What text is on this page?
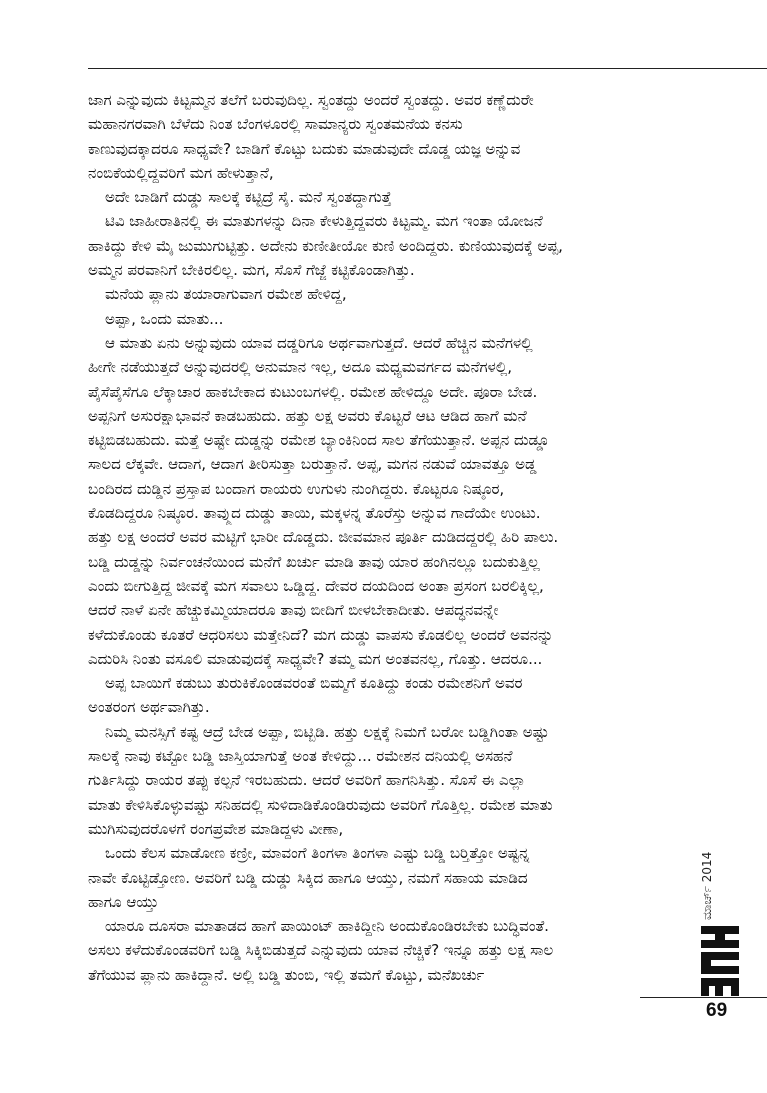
ಜಾಗ ಎನ್ನುವುದು ಕಿಟ್ಟಮ್ಮನ ತಲೆಗೆ ಬರುವುದಿಲ್ಲ. ಸ್ವಂತದ್ದು ಅಂದರೆ ಸ್ವಂತದ್ದು. ಅವರ ಕಣ್ಣೆದುರೇ
ಮಹಾನಗರವಾಗಿ ಬೆಳೆದು ನಿಂತ ಬೆಂಗಳೂರಲ್ಲಿ ಸಾಮಾನ್ಯರು ಸ್ವಂತಮನೆಯ ಕನಸು
ಕಾಣುವುದಕ್ಕಾದರೂ ಸಾಧ್ಯವೇ? ಬಾಡಿಗೆ ಕೊಟ್ಟು ಬದುಕು ಮಾಡುವುದೇ ದೊಡ್ಡ ಯಜ್ಞ ಅನ್ನುವ
ನಂಬಿಕೆಯಲ್ಲಿದ್ದವರಿಗೆ ಮಗ ಹೇಳುತ್ತಾನೆ,
ಅದೇ ಬಾಡಿಗೆ ದುಡ್ಡು ಸಾಲಕ್ಕೆ ಕಟ್ಟಿದ್ರೆ ಸೈ. ಮನೆ ಸ್ವಂತದ್ದಾಗುತ್ತೆ
ಟಿವಿ ಜಾಹೀರಾತಿನಲ್ಲಿ ಈ ಮಾತುಗಳನ್ನು ದಿನಾ ಕೇಳುತ್ತಿದ್ದವರು ಕಿಟ್ಟಮ್ಮ. ಮಗ ಇಂತಾ ಯೋಜನೆ
ಹಾಕಿದ್ದು ಕೇಳಿ ಮೈ ಜುಮುಗುಟ್ಟಿತ್ತು. ಅದೇನು ಕುಣೀತೀಯೋ ಕುಣಿ ಅಂದಿದ್ದರು. ಕುಣಿಯುವುದಕ್ಕೆ ಅಪ್ಪ,
ಅಮ್ಮನ ಪರವಾನಿಗೆ ಬೇಕಿರಲಿಲ್ಲ. ಮಗ, ಸೊಸೆ ಗೆಜ್ಜೆ ಕಟ್ಟಿಕೊಂಡಾಗಿತ್ತು.
ಮನೆಯ ಪ್ಲಾನು ತಯಾರಾಗುವಾಗ ರಮೇಶ ಹೇಳಿದ್ದ,
ಅಪ್ಪಾ, ಒಂದು ಮಾತು...
ಆ ಮಾತು ಏನು ಅನ್ನುವುದು ಯಾವ ದಡ್ಡರಿಗೂ ಅರ್ಥವಾಗುತ್ತದೆ. ಆದರೆ ಹೆಚ್ಚಿನ ಮನೆಗಳಲ್ಲಿ
ಹೀಗೇ ನಡೆಯುತ್ತದೆ ಅನ್ನುವುದರಲ್ಲಿ ಅನುಮಾನ ಇಲ್ಲ, ಅದೂ ಮಧ್ಯಮವರ್ಗದ ಮನೆಗಳಲ್ಲಿ,
ಪೈಸೆಪೈಸೆಗೂ ಲೆಕ್ಕಾಚಾರ ಹಾಕಬೇಕಾದ ಕುಟುಂಬಗಳಲ್ಲಿ. ರಮೇಶ ಹೇಳಿದ್ದೂ ಅದೇ. ಪೂರಾ ಬೇಡ.
ಅಪ್ಪನಿಗೆ ಅಸುರಕ್ಷಾಭಾವನೆ ಕಾಡಬಹುದು. ಹತ್ತು ಲಕ್ಷ ಅವರು ಕೊಟ್ಟರೆ ಆಟ ಆಡಿದ ಹಾಗೆ ಮನೆ
ಕಟ್ಟಿಬಿಡಬಹುದು. ಮತ್ತೆ ಅಷ್ಟೇ ದುಡ್ಡನ್ನು ರಮೇಶ ಬ್ಯಾಂಕಿನಿಂದ ಸಾಲ ತೆಗೆಯುತ್ತಾನೆ. ಅಪ್ಪನ ದುಡ್ಡೂ
ಸಾಲದ ಲೆಕ್ಕವೇ. ಆದಾಗ, ಆದಾಗ ತೀರಿಸುತ್ತಾ ಬರುತ್ತಾನೆ. ಅಪ್ಪ, ಮಗನ ನಡುವೆ ಯಾವತ್ತೂ ಅಡ್ಡ
ಬಂದಿರದ ದುಡ್ಡಿನ ಪ್ರಸ್ತಾಪ ಬಂದಾಗ ರಾಯರು ಉಗುಳು ನುಂಗಿದ್ದರು. ಕೊಟ್ಟರೂ ನಿಷ್ಠೂರ,
ಕೊಡದಿದ್ದರೂ ನಿಷ್ಠೂರ. ತಾವ್ಮುದ ದುಡ್ಡು ತಾಯಿ, ಮಕ್ಕಳನ್ನ ತೊರೆಸ್ತು ಅನ್ನುವ ಗಾದೆಯೇ ಉಂಟು.
ಹತ್ತು ಲಕ್ಷ ಅಂದರೆ ಅವರ ಮಟ್ಟಿಗೆ ಭಾರೀ ದೊಡ್ಡದು. ಜೀವಮಾನ ಪೂರ್ತಿ ದುಡಿದದ್ದರಲ್ಲಿ ಹಿರಿ ಪಾಲು.
ಬಡ್ಡಿ ದುಡ್ಡನ್ನು ನಿರ್ವಂಚನೆಯಿಂದ ಮನೆಗೆ ಖರ್ಚು ಮಾಡಿ ತಾವು ಯಾರ ಹಂಗಿನಲ್ಲೂ ಬದುಕುತ್ತಿಲ್ಲ
ಎಂದು ಬೀಗುತ್ತಿದ್ದ ಜೀವಕ್ಕೆ ಮಗ ಸವಾಲು ಒಡ್ಡಿದ್ದ. ದೇವರ ದಯದಿಂದ ಅಂತಾ ಪ್ರಸಂಗ ಬರಲಿಕ್ಕಿಲ್ಲ,
ಆದರೆ ನಾಳೆ ಏನೇ ಹೆಚ್ಚುಕಮ್ಮಿಯಾದರೂ ತಾವು ಬೀದಿಗೆ ಬೀಳಬೇಕಾದೀತು. ಆಪದ್ಧನವನ್ನೇ
ಕಳೆದುಕೊಂಡು ಕೂತರೆ ಆಧರಿಸಲು ಮತ್ತೇನಿದೆ? ಮಗ ದುಡ್ಡು ವಾಪಸು ಕೊಡಲಿಲ್ಲ ಅಂದರೆ ಅವನನ್ನು
ಎದುರಿಸಿ ನಿಂತು ವಸೂಲಿ ಮಾಡುವುದಕ್ಕೆ ಸಾಧ್ಯವೇ? ತಮ್ಮ ಮಗ ಅಂತವನಲ್ಲ, ಗೊತ್ತು. ಆದರೂ...
ಅಪ್ಪ ಬಾಯಿಗೆ ಕಡುಬು ತುರುಕಿಕೊಂಡವರಂತೆ ಬಿಮ್ಮಗೆ ಕೂತಿದ್ದು ಕಂಡು ರಮೇಶನಿಗೆ ಅವರ
ಅಂತರಂಗ ಅರ್ಥವಾಗಿತ್ತು.
ನಿಮ್ಮ ಮನಸ್ಸಿಗೆ ಕಷ್ಟ ಆದ್ರೆ ಬೇಡ ಅಪ್ಪಾ, ಬಿಟ್ಬಿಡಿ. ಹತ್ತು ಲಕ್ಷಕ್ಕೆ ನಿಮಗೆ ಬರೋ ಬಡ್ಡಿಗಿಂತಾ ಅಷ್ಟು
ಸಾಲಕ್ಕೆ ನಾವು ಕಟ್ಟೋ ಬಡ್ಡಿ ಜಾಸ್ತಿಯಾಗುತ್ತೆ ಅಂತ ಕೇಳಿದ್ದು... ರಮೇಶನ ದನಿಯಲ್ಲಿ ಅಸಹನೆ
ಗುರ್ತಿಸಿದ್ದು ರಾಯರ ತಪ್ಪು ಕಲ್ಪನೆ ಇರಬಹುದು. ಆದರೆ ಅವರಿಗೆ ಹಾಗನಿಸಿತ್ತು. ಸೊಸೆ ಈ ಎಲ್ಲಾ
ಮಾತು ಕೇಳಿಸಿಕೊಳ್ಳುವಷ್ಟು ಸನಿಹದಲ್ಲಿ ಸುಳಿದಾಡಿಕೊಂಡಿರುವುದು ಅವರಿಗೆ ಗೊತ್ತಿಲ್ಲ. ರಮೇಶ ಮಾತು
ಮುಗಿಸುವುದರೊಳಗೆ ರಂಗಪ್ರವೇಶ ಮಾಡಿದ್ದಳು ವೀಣಾ,
ಒಂದು ಕೆಲಸ ಮಾಡೋಣ ಕಣ್ರೀ, ಮಾವಂಗೆ ತಿಂಗಳಾ ತಿಂಗಳಾ ಎಷ್ಟು ಬಡ್ಡಿ ಬರ್‍ತಿತ್ತೋ ಅಷ್ಟನ್ನ
ನಾವೇ ಕೊಟ್ಟಿಡ್ತೋಣ. ಅವರಿಗೆ ಬಡ್ಡಿ ದುಡ್ಡು ಸಿಕ್ಕಿದ ಹಾಗೂ ಆಯ್ತು, ನಮಗೆ ಸಹಾಯ ಮಾಡಿದ
ಹಾಗೂ ಆಯ್ತು
ಯಾರೂ ದೂಸರಾ ಮಾತಾಡದ ಹಾಗೆ ಪಾಯಿಂಟ್ ಹಾಕಿದ್ದೀನಿ ಅಂದುಕೊಂಡಿರಬೇಕು ಬುದ್ಧಿವಂತೆ.
ಅಸಲು ಕಳೆದುಕೊಂಡವರಿಗೆ ಬಡ್ಡಿ ಸಿಕ್ಕಿಬಿಡುತ್ತದೆ ಎನ್ನುವುದು ಯಾವ ನೆಚ್ಚಿಕೆ? ಇನ್ನೂ ಹತ್ತು ಲಕ್ಷ ಸಾಲ
ತೆಗೆಯುವ ಪ್ಲಾನು ಹಾಕಿದ್ದಾನೆ. ಅಲ್ಲಿ ಬಡ್ಡಿ ತುಂಬಿ, ಇಲ್ಲಿ ತಮಗೆ ಕೊಟ್ಟು, ಮನೆಖರ್ಚು
ಮಾರ್ಚ್ 2014
69
